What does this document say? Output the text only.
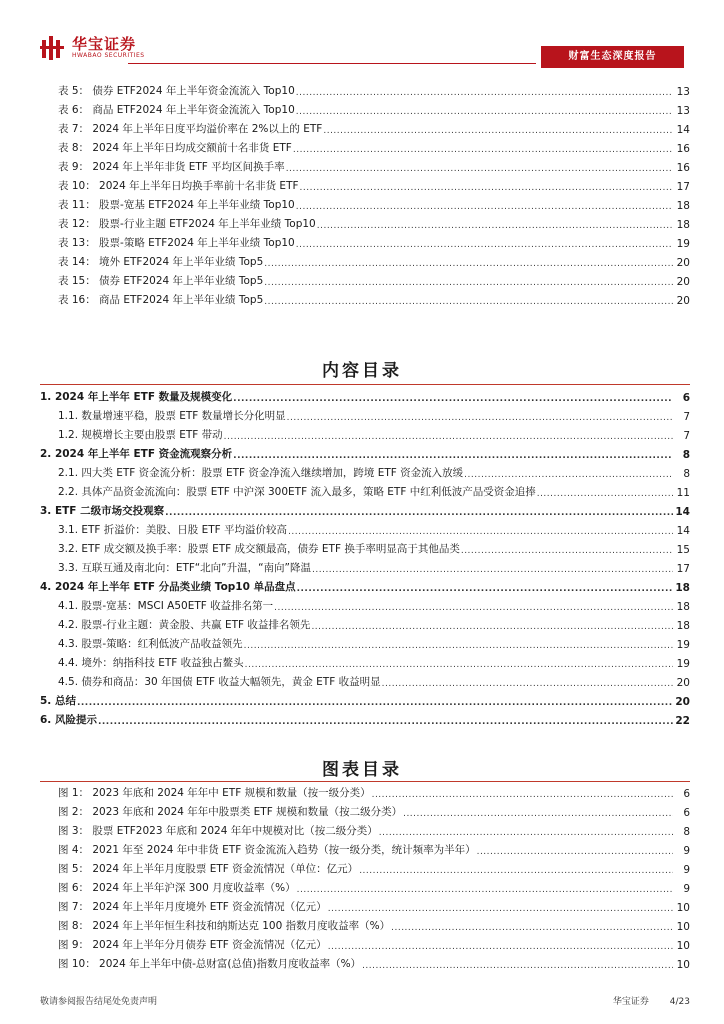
华宝证券
HWABAO SECURITIES	财富生态深度报告
表 5： 债券 ETF2024 年上半年资金流流入 Top10 .....	13
表 6： 商品 ETF2024 年上半年资金流流入 Top10 .....	13
表 7： 2024 年上半年日度平均溢价率在 2%以上的 ETF .....	14
表 8： 2024 年上半年日均成交额前十名非货 ETF .....	16
表 9： 2024 年上半年非货 ETF 平均区间换手率 .....	16
表 10： 2024 年上半年日均换手率前十名非货 ETF .....	17
表 11： 股票-宽基 ETF2024 年上半年业绩 Top10 .....	18
表 12： 股票-行业主题 ETF2024 年上半年业绩 Top10 .....	18
表 13： 股票-策略 ETF2024 年上半年业绩 Top10 .....	19
表 14： 境外 ETF2024 年上半年业绩 Top5 .....	20
表 15： 债券 ETF2024 年上半年业绩 Top5 .....	20
表 16： 商品 ETF2024 年上半年业绩 Top5 .....	20
内容目录
1. 2024 年上半年 ETF 数量及规模变化 .....	6
1.1. 数量增速平稳，股票 ETF 数量增长分化明显 .....	7
1.2. 规模增长主要由股票 ETF 带动 .....	7
2. 2024 年上半年 ETF 资金流观察分析 .....	8
2.1. 四大类 ETF 资金流分析：股票 ETF 资金净流入继续增加，跨境 ETF 资金流入放缓 .....	8
2.2. 具体产品资金流流向：股票 ETF 中沪深 300ETF 流入最多，策略 ETF 中红利低波产品受资金追捧 .....	11
3. ETF 二级市场交投观察 .....	14
3.1. ETF 折溢价：美股、日股 ETF 平均溢价较高 .....	14
3.2. ETF 成交额及换手率：股票 ETF 成交额最高，债券 ETF 换手率明显高于其他品类 .....	15
3.3. 互联互通及南北向：ETF“北向”升温，“南向”降温 .....	17
4. 2024 年上半年 ETF 分品类业绩 Top10 单品盘点 .....	18
4.1. 股票-宽基：MSCI A50ETF 收益排名第一 .....	18
4.2. 股票-行业主题：黄金股、共赢 ETF 收益排名领先 .....	18
4.3. 股票-策略：红利低波产品收益领先 .....	19
4.4. 境外：纳指科技 ETF 收益独占鳌头 .....	19
4.5. 债券和商品：30 年国债 ETF 收益大幅领先，黄金 ETF 收益明显 .....	20
5. 总结 .....	20
6. 风险提示 .....	22
图表目录
图 1： 2023 年底和 2024 年年中 ETF 规模和数量（按一级分类） .....	6
图 2： 2023 年底和 2024 年年中股票类 ETF 规模和数量（按二级分类） .....	6
图 3： 股票 ETF2023 年底和 2024 年年中规模对比（按二级分类） .....	8
图 4： 2021 年至 2024 年中非货 ETF 资金流流入趋势（按一级分类，统计频率为半年） .....	9
图 5： 2024 年上半年月度股票 ETF 资金流情况（单位：亿元） .....	9
图 6： 2024 年上半年沪深 300 月度收益率（%） .....	9
图 7： 2024 年上半年月度境外 ETF 资金流情况（亿元） .....	10
图 8： 2024 年上半年恒生科技和纳斯达克 100 指数月度收益率（%） .....	10
图 9： 2024 年上半年分月债券 ETF 资金流情况（亿元） .....	10
图 10： 2024 年上半年中债-总财富(总值)指数月度收益率（%） .....	10
敬请参阅报告结尾处免责声明	华宝证券 4/23
